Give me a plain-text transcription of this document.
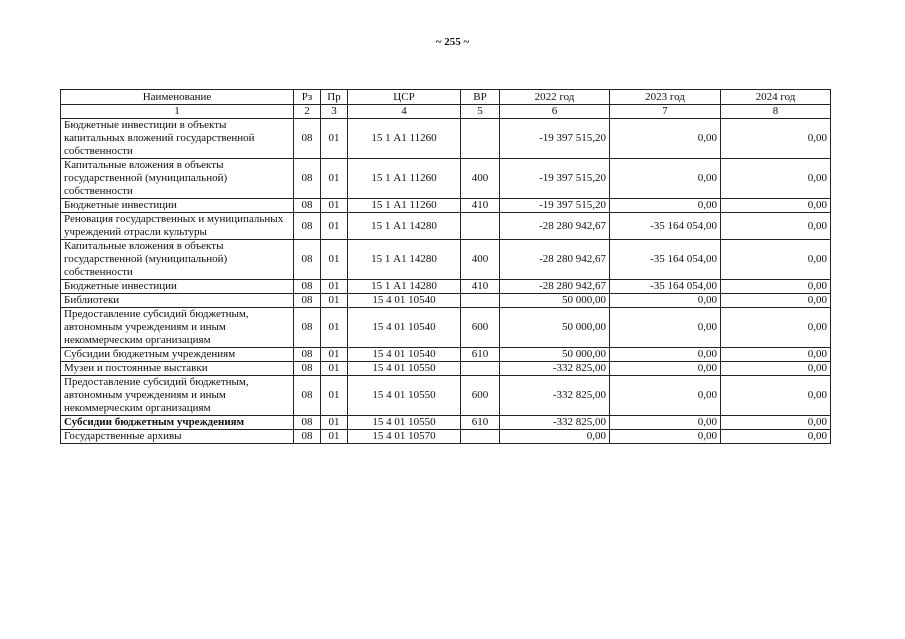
~ 255 ~
Наименование	Рз	Пр	ЦСР	ВР	2022 год	2023 год	2024 год
1	2	3	4	5	6	7	8
Бюджетные инвестиции в объекты капитальных вложений государственной собственности	08	01	15 1 А1 11260		-19 397 515,20	0,00	0,00
Капитальные вложения в объекты государственной (муниципальной) собственности	08	01	15 1 А1 11260	400	-19 397 515,20	0,00	0,00
Бюджетные инвестиции	08	01	15 1 А1 11260	410	-19 397 515,20	0,00	0,00
Реновация государственных и муниципальных учреждений отрасли культуры	08	01	15 1 А1 14280		-28 280 942,67	-35 164 054,00	0,00
Капитальные вложения в объекты государственной (муниципальной) собственности	08	01	15 1 А1 14280	400	-28 280 942,67	-35 164 054,00	0,00
Бюджетные инвестиции	08	01	15 1 А1 14280	410	-28 280 942,67	-35 164 054,00	0,00
Библиотеки	08	01	15 4 01 10540		50 000,00	0,00	0,00
Предоставление субсидий бюджетным, автономным учреждениям и иным некоммерческим организациям	08	01	15 4 01 10540	600	50 000,00	0,00	0,00
Субсидии бюджетным учреждениям	08	01	15 4 01 10540	610	50 000,00	0,00	0,00
Музеи и постоянные выставки	08	01	15 4 01 10550		-332 825,00	0,00	0,00
Предоставление субсидий бюджетным, автономным учреждениям и иным некоммерческим организациям	08	01	15 4 01 10550	600	-332 825,00	0,00	0,00
Субсидии бюджетным учреждениям	08	01	15 4 01 10550	610	-332 825,00	0,00	0,00
Государственные архивы	08	01	15 4 01 10570		0,00	0,00	0,00
